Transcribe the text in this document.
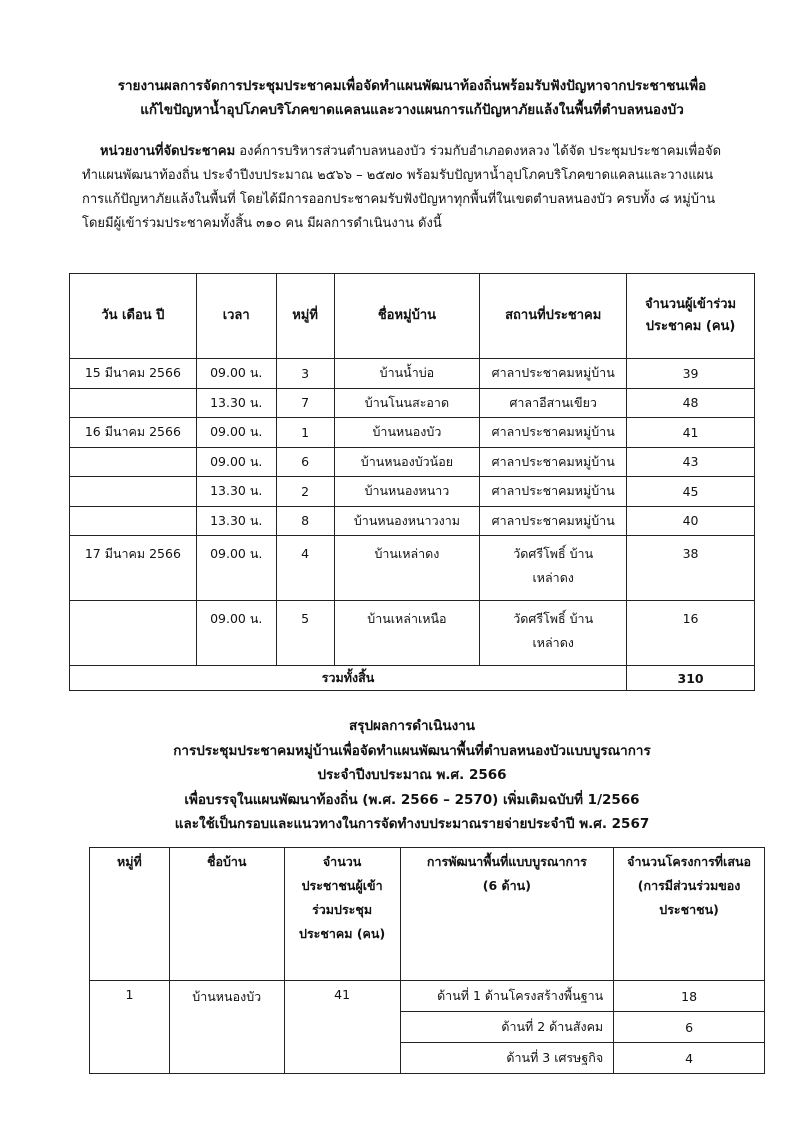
รายงานผลการจัดการประชุมประชาคมเพื่อจัดทำแผนพัฒนาท้องถิ่นพร้อมรับฟังปัญหาจากประชาชนเพื่อ
แก้ไขปัญหาน้ำอุปโภคบริโภคขาดแคลนและวางแผนการแก้ปัญหาภัยแล้งในพื้นที่ตำบลหนองบัว

หน่วยงานที่จัดประชาคม องค์การบริหารส่วนตำบลหนองบัว ร่วมกับอำเภอดงหลวง ได้จัด ประชุมประชาคมเพื่อจัดทำแผนพัฒนาท้องถิ่น ประจำปีงบประมาณ ๒๕๖๖ – ๒๕๗๐ พร้อมรับปัญหาน้ำอุปโภคบริโภคขาดแคลนและวางแผนการแก้ปัญหาภัยแล้งในพื้นที่ โดยได้มีการออกประชาคมรับฟังปัญหาทุกพื้นที่ในเขตตำบลหนองบัว ครบทั้ง ๘ หมู่บ้าน โดยมีผู้เข้าร่วมประชาคมทั้งสิ้น ๓๑๐ คน มีผลการดำเนินงาน ดังนี้

วัน เดือน ปี	เวลา	หมู่ที่	ชื่อหมู่บ้าน	สถานที่ประชาคม	จำนวนผู้เข้าร่วมประชาคม (คน)
15 มีนาคม 2566	09.00 น.	3	บ้านน้ำบ่อ	ศาลาประชาคมหมู่บ้าน	39
	13.30 น.	7	บ้านโนนสะอาด	ศาลาอีสานเขียว	48
16 มีนาคม 2566	09.00 น.	1	บ้านหนองบัว	ศาลาประชาคมหมู่บ้าน	41
	09.00 น.	6	บ้านหนองบัวน้อย	ศาลาประชาคมหมู่บ้าน	43
	13.30 น.	2	บ้านหนองหนาว	ศาลาประชาคมหมู่บ้าน	45
	13.30 น.	8	บ้านหนองหนาวงาม	ศาลาประชาคมหมู่บ้าน	40
17 มีนาคม 2566	09.00 น.	4	บ้านเหล่าดง	วัดศรีโพธิ์ บ้านเหล่าดง	38
	09.00 น.	5	บ้านเหล่าเหนือ	วัดศรีโพธิ์ บ้านเหล่าดง	16
รวมทั้งสิ้น					310
สรุปผลการดำเนินงาน
การประชุมประชาคมหมู่บ้านเพื่อจัดทำแผนพัฒนาพื้นที่ตำบลหนองบัวแบบบูรณาการ
ประจำปีงบประมาณ พ.ศ. 2566
เพื่อบรรจุในแผนพัฒนาท้องถิ่น (พ.ศ. 2566 – 2570) เพิ่มเติมฉบับที่ 1/2566
และใช้เป็นกรอบและแนวทางในการจัดทำงบประมาณรายจ่ายประจำปี พ.ศ. 2567
หมู่ที่	ชื่อบ้าน	จำนวนประชาชนผู้เข้าร่วมประชุมประชาคม (คน)	การพัฒนาพื้นที่แบบบูรณาการ (6 ด้าน)	จำนวนโครงการที่เสนอ (การมีส่วนร่วมของประชาชน)
1	บ้านหนองบัว	41	ด้านที่ 1 ด้านโครงสร้างพื้นฐาน	18
			ด้านที่ 2 ด้านสังคม	6
			ด้านที่ 3 เศรษฐกิจ	4
